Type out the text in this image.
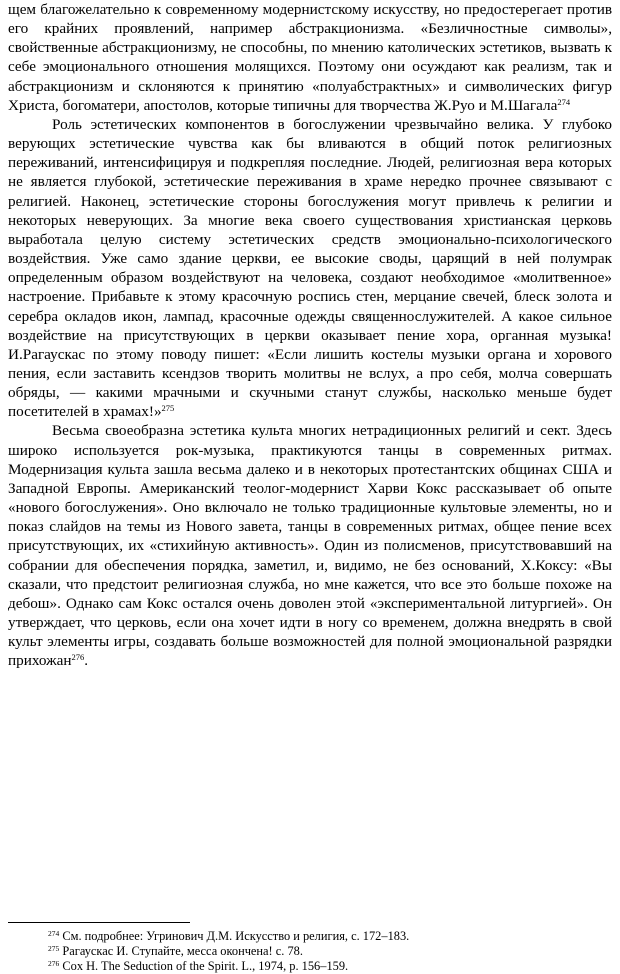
щем благожелательно к современному модернистскому искусству, но предостерегает против его крайних проявлений, например абстракционизма. «Безличностные символы», свойственные абстракционизму, не способны, по мнению католических эстетиков, вызвать к себе эмоционального отношения молящихся. Поэтому они осуждают как реализм, так и абстракционизм и склоняются к принятию «полуабстрактных» и символических фигур Христа, богоматери, апостолов, которые типичны для творчества Ж.Руо и М.Шагала$^{274}$

Роль эстетических компонентов в богослужении чрезвычайно велика. У глубоко верующих эстетические чувства как бы вливаются в общий поток религиозных переживаний, интенсифицируя и подкрепляя последние. Людей, религиозная вера которых не является глубокой, эстетические переживания в храме нередко прочнее связывают с религией. Наконец, эстетические стороны богослужения могут привлечь к религии и некоторых неверующих. За многие века своего существования христианская церковь выработала целую систему эстетических средств эмоционально-психологического воздействия. Уже само здание церкви, ее высокие своды, царящий в ней полумрак определенным образом воздействуют на человека, создают необходимое «молитвенное» настроение. Прибавьте к этому красочную роспись стен, мерцание свечей, блеск золота и серебра окладов икон, лампад, красочные одежды священнослужителей. А какое сильное воздействие на присутствующих в церкви оказывает пение хора, органная музыка! И.Рагаускас по этому поводу пишет: «Если лишить костелы музыки органа и хорового пения, если заставить ксендзов творить молитвы не вслух, а про себя, молча совершать обряды, — какими мрачными и скучными станут службы, насколько меньше будет посетителей в храмах!»$^{275}$

Весьма своеобразна эстетика культа многих нетрадиционных религий и сект. Здесь широко используется рок-музыка, практикуются танцы в современных ритмах. Модернизация культа зашла весьма далеко и в некоторых протестантских общинах США и Западной Европы. Американский теолог-модернист Харви Кокс рассказывает об опыте «нового богослужения». Оно включало не только традиционные культовые элементы, но и показ слайдов на темы из Нового завета, танцы в современных ритмах, общее пение всех присутствующих, их «стихийную активность». Один из полисменов, присутствовавший на собрании для обеспечения порядка, заметил, и, видимо, не без оснований, Х.Коксу: «Вы сказали, что предстоит религиозная служба, но мне кажется, что все это больше похоже на дебош». Однако сам Кокс остался очень доволен этой «экспериментальной литургией». Он утверждает, что церковь, если она хочет идти в ногу со временем, должна внедрять в свой культ элементы игры, создавать больше возможностей для полной эмоциональной разрядки прихожан$^{276}$.

$^{274}$ См. подробнее: Угринович Д.М. Искусство и религия, с. 172–183.

$^{275}$ Рагаускас И. Ступайте, месса окончена! с. 78.

$^{276}$ Cox H. The Seduction of the Spirit. L., 1974, p. 156–159.
